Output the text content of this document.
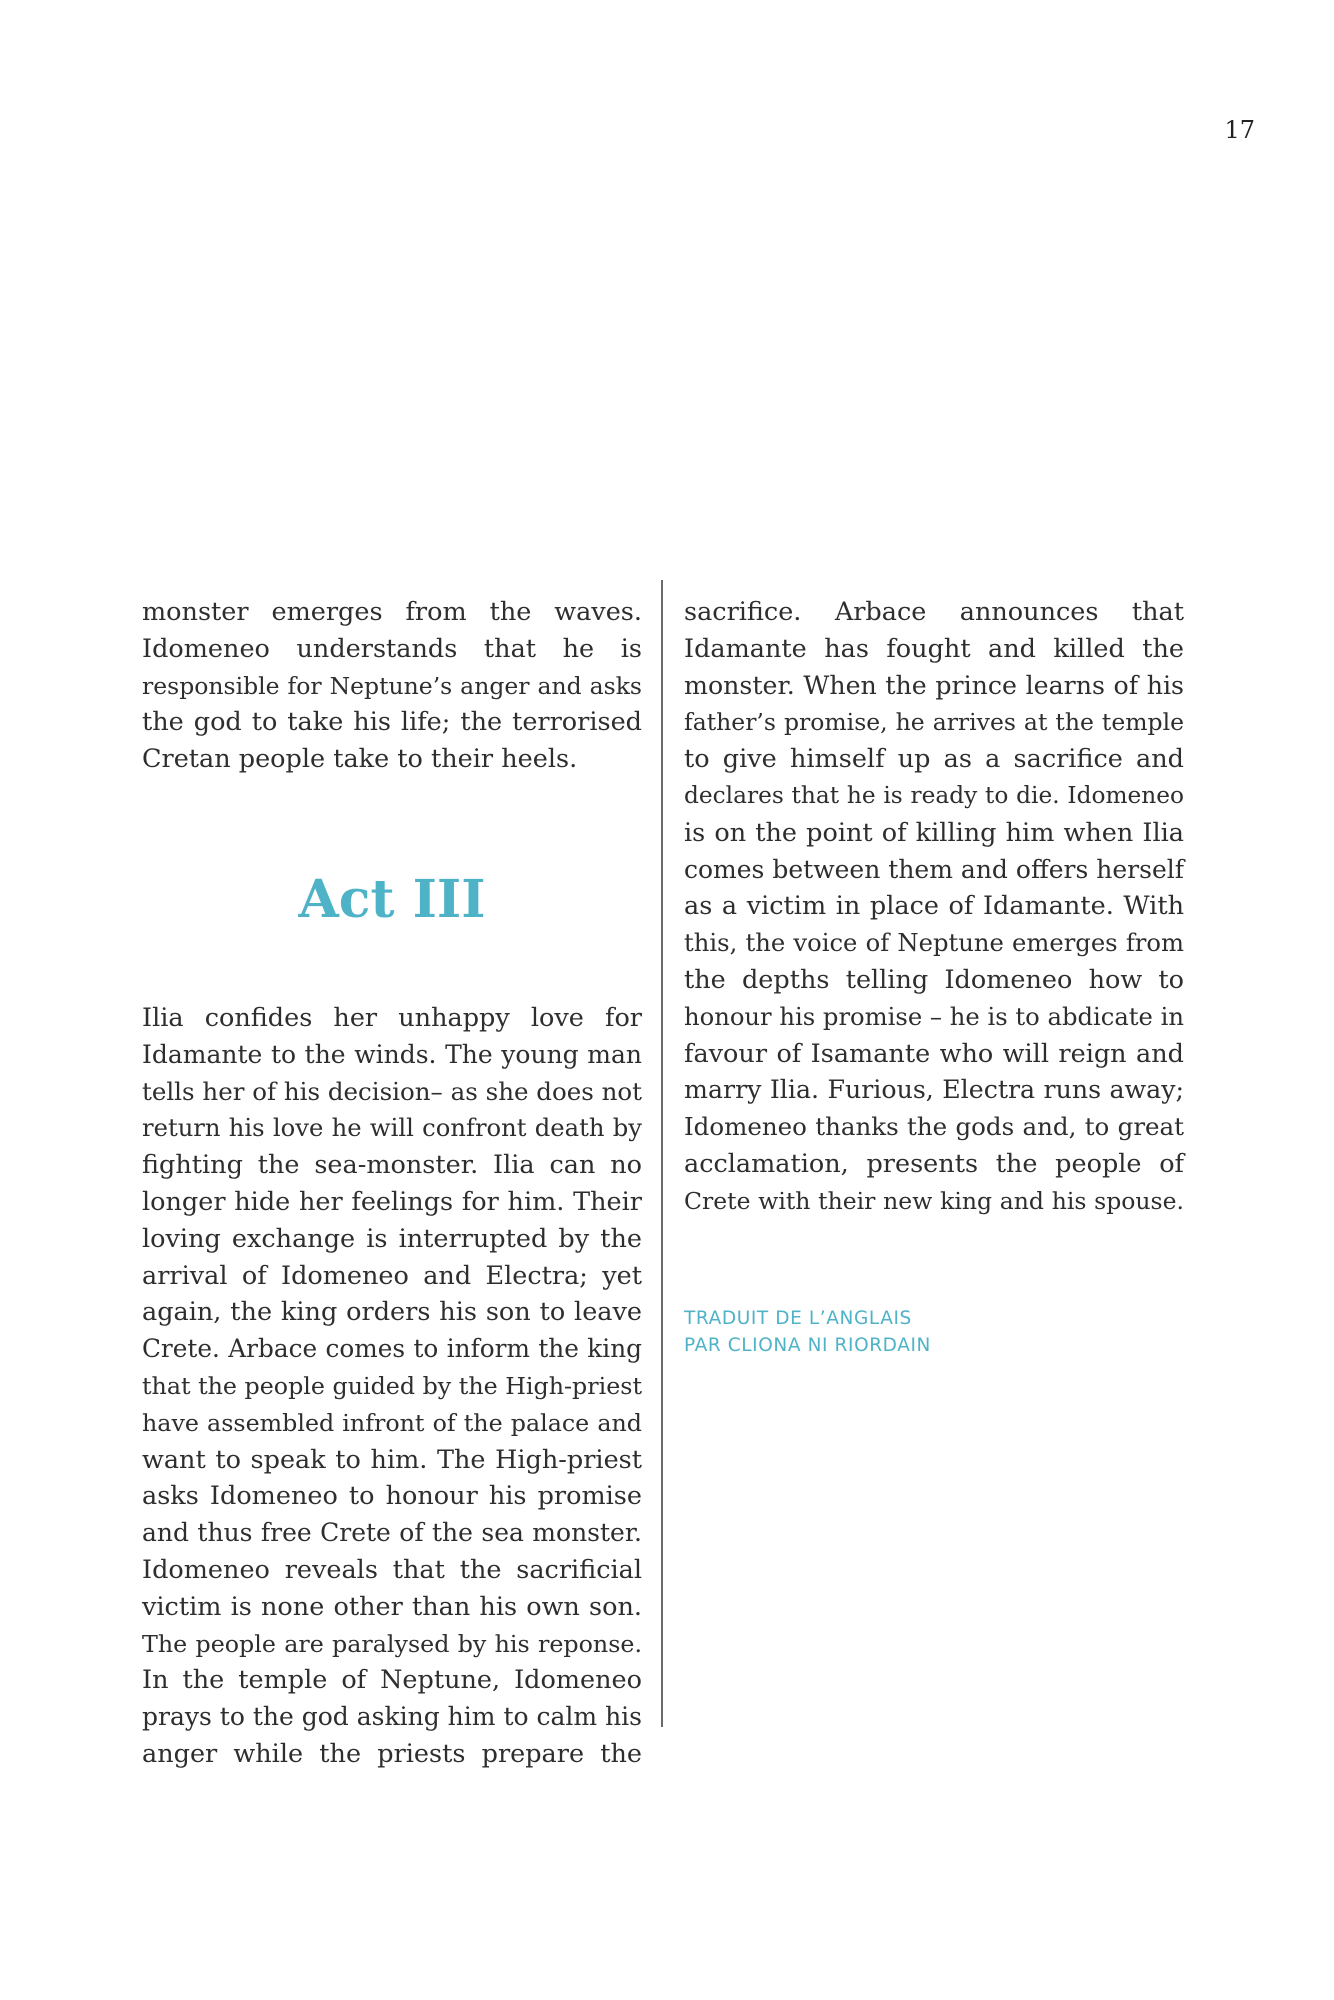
17

monster emerges from the waves.

Idomeneo understands that he is

responsible for Neptune’s anger and asks

the god to take his life; the terrorised

Cretan people take to their heels.

Act III

Ilia confides her unhappy love for

Idamante to the winds. The young man

tells her of his decision– as she does not

return his love he will confront death by

fighting the sea-monster. Ilia can no

longer hide her feelings for him. Their

loving exchange is interrupted by the

arrival of Idomeneo and Electra; yet

again, the king orders his son to leave

Crete. Arbace comes to inform the king

that the people guided by the High-priest

have assembled infront of the palace and

want to speak to him. The High-priest

asks Idomeneo to honour his promise

and thus free Crete of the sea monster.

Idomeneo reveals that the sacrificial

victim is none other than his own son.

The people are paralysed by his reponse.

In the temple of Neptune, Idomeneo

prays to the god asking him to calm his

anger while the priests prepare the

sacrifice. Arbace announces that

Idamante has fought and killed the

monster. When the prince learns of his

father’s promise, he arrives at the temple

to give himself up as a sacrifice and

declares that he is ready to die. Idomeneo

is on the point of killing him when Ilia

comes between them and offers herself

as a victim in place of Idamante. With

this, the voice of Neptune emerges from

the depths telling Idomeneo how to

honour his promise – he is to abdicate in

favour of Isamante who will reign and

marry Ilia. Furious, Electra runs away;

Idomeneo thanks the gods and, to great

acclamation, presents the people of

Crete with their new king and his spouse.

TRADUIT DE L’ANGLAIS
PAR CLIONA NI RIORDAIN
